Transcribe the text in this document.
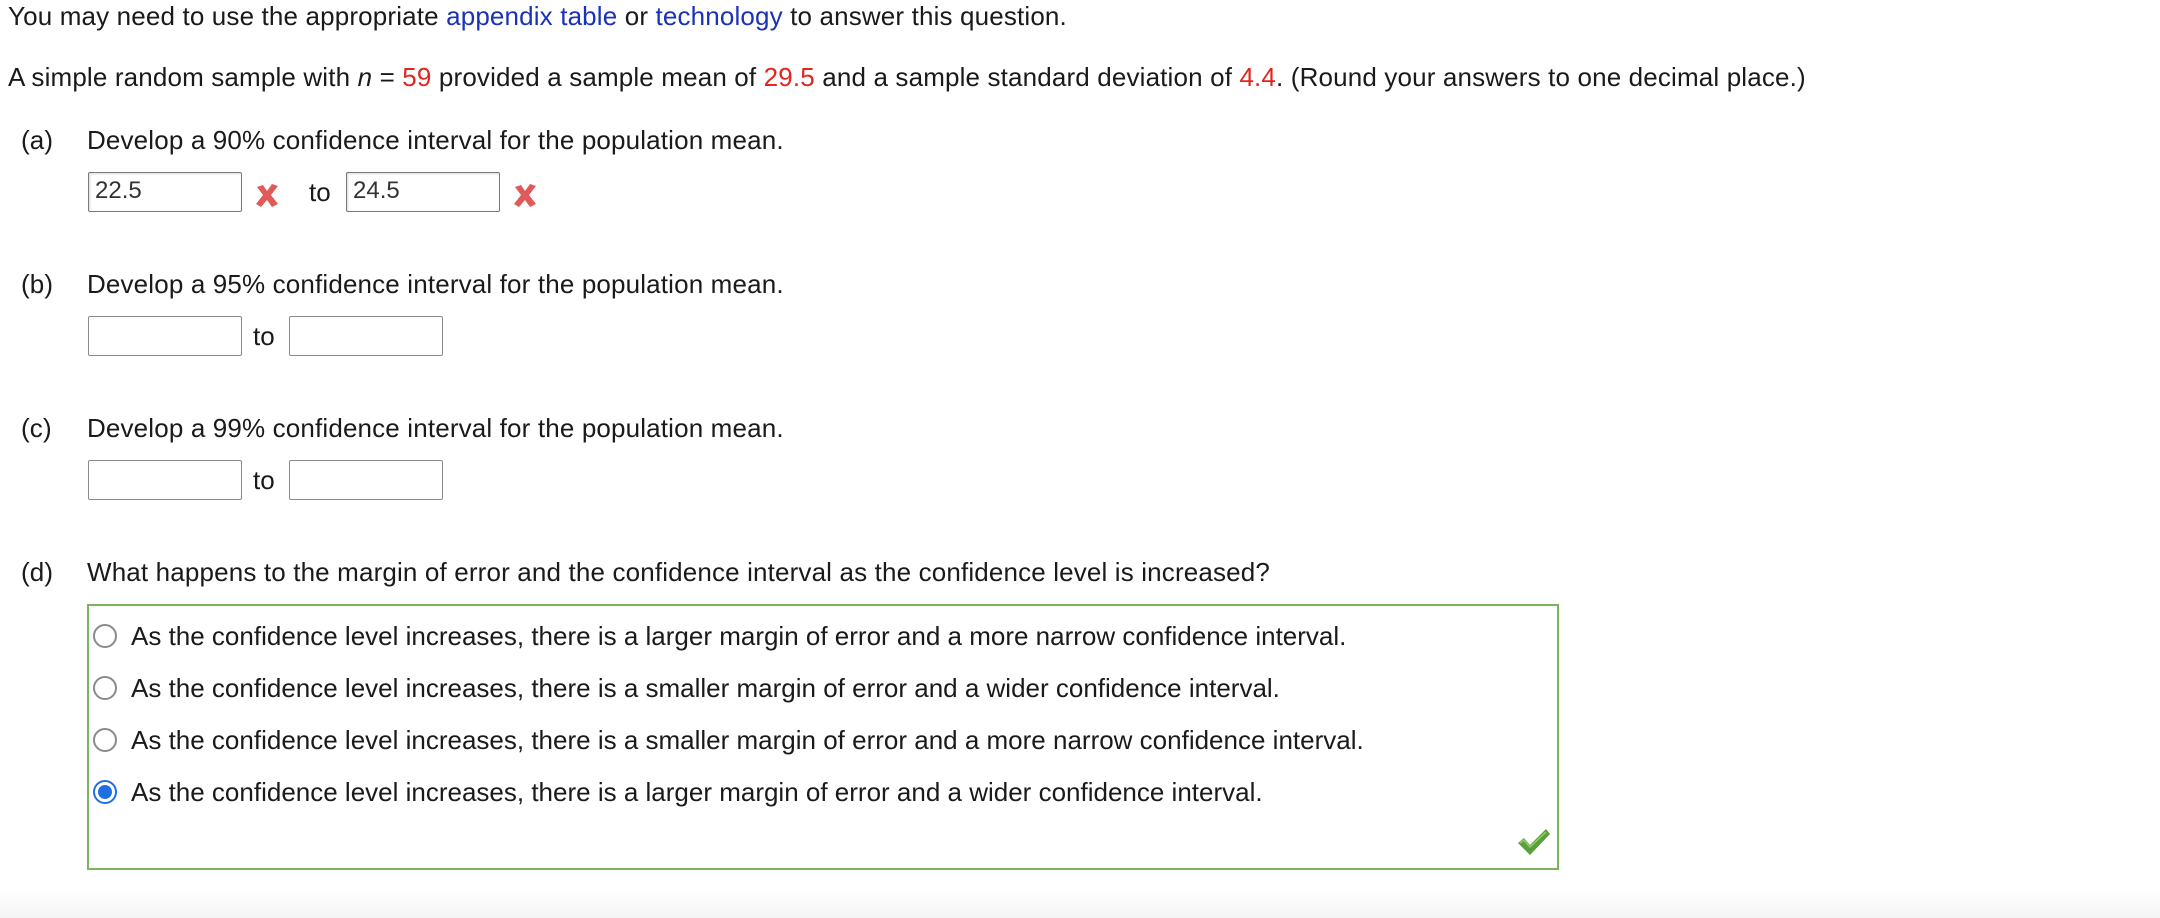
You may need to use the appropriate appendix table or technology to answer this question.
A simple random sample with n = 59 provided a sample mean of 29.5 and a sample standard deviation of 4.4. (Round your answers to one decimal place.)
(a) Develop a 90% confidence interval for the population mean.
22.5	to 24.5
(b) Develop a 95% confidence interval for the population mean.
to
(c) Develop a 99% confidence interval for the population mean.
to
(d) What happens to the margin of error and the confidence interval as the confidence level is increased?
As the confidence level increases, there is a larger margin of error and a more narrow confidence interval.
As the confidence level increases, there is a smaller margin of error and a wider confidence interval.
As the confidence level increases, there is a smaller margin of error and a more narrow confidence interval.
As the confidence level increases, there is a larger margin of error and a wider confidence interval.
